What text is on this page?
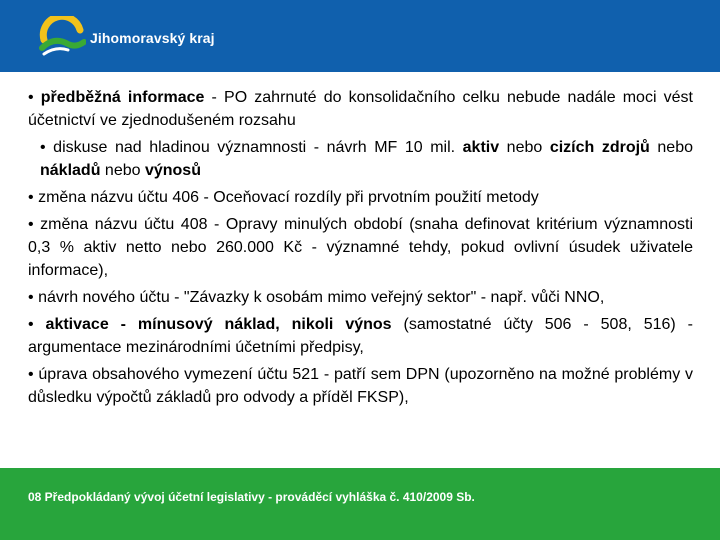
Jihomoravský kraj

• předběžná informace - PO zahrnuté do konsolidačního celku nebude nadále moci vést účetnictví ve zjednodušeném rozsahu

• diskuse nad hladinou významnosti - návrh MF 10 mil. aktiv nebo cizích zdrojů nebo nákladů nebo výnosů

• změna názvu účtu 406 - Oceňovací rozdíly při prvotním použití metody

• změna názvu účtu 408 - Opravy minulých období (snaha definovat kritérium významnosti 0,3 % aktiv netto nebo 260.000 Kč - významné tehdy, pokud ovlivní úsudek uživatele informace),

• návrh nového účtu - "Závazky k osobám mimo veřejný sektor" - např. vůči NNO,

• aktivace - mínusový náklad, nikoli výnos (samostatné účty 506 - 508, 516) - argumentace mezinárodními účetními předpisy,

• úprava obsahového vymezení účtu 521 - patří sem DPN (upozorněno na možné problémy v důsledku výpočtů základů pro odvody a příděl FKSP),

08 Předpokládaný vývoj účetní legislativy - prováděcí vyhláška č. 410/2009 Sb.
